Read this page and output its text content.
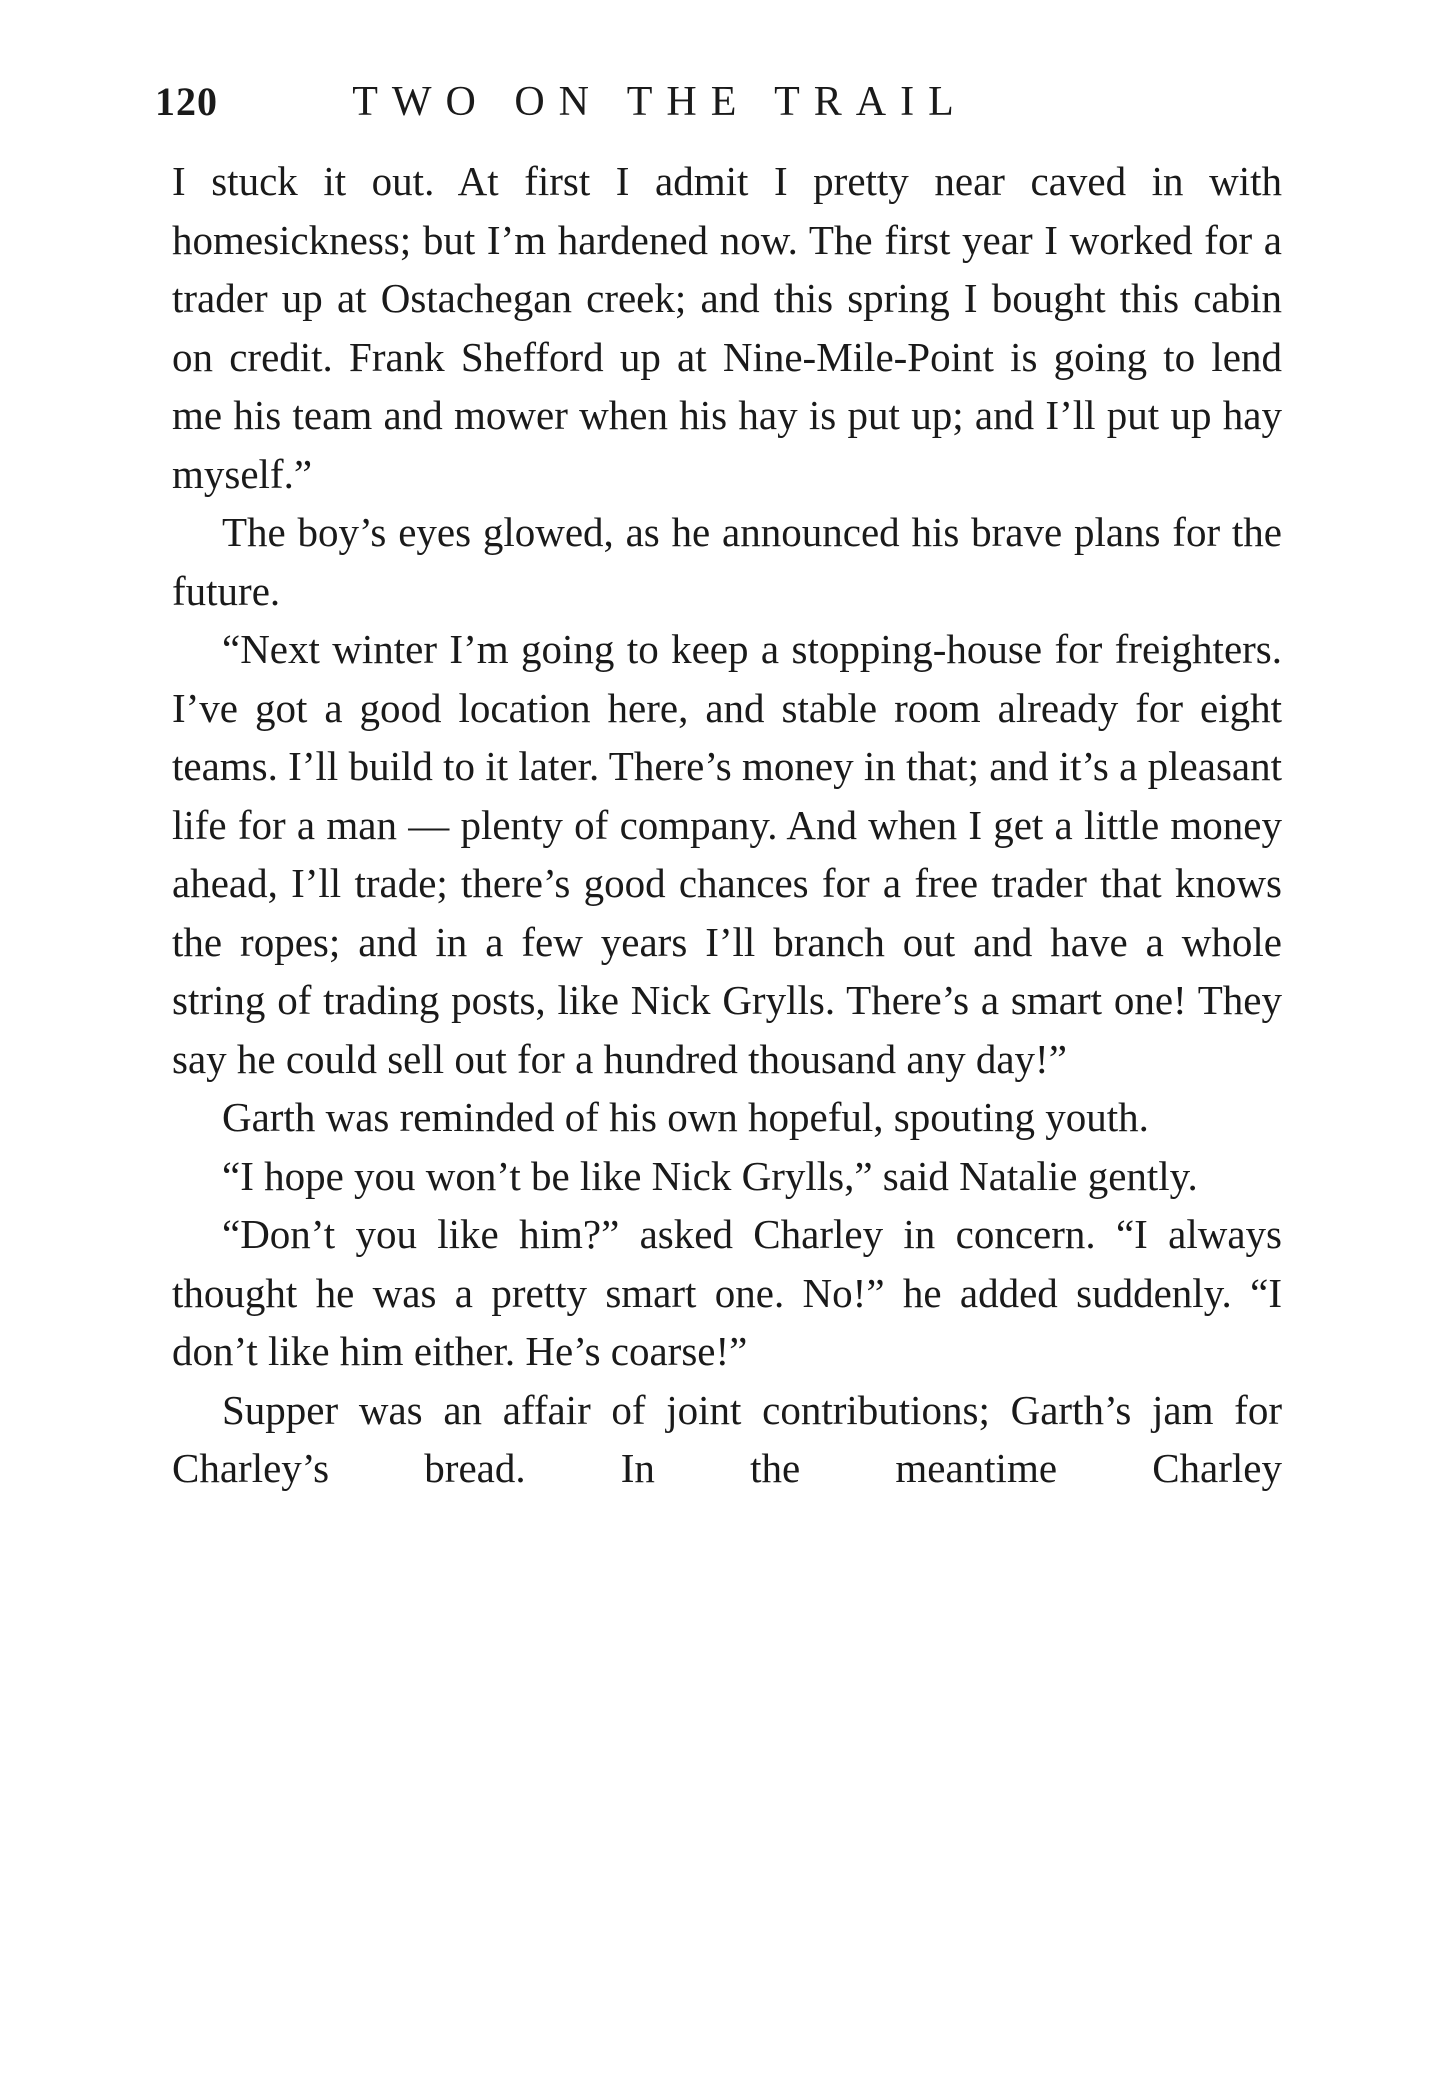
120	TWO ON THE TRAIL

I stuck it out. At first I admit I pretty near caved in with homesickness; but I’m hardened now. The first year I worked for a trader up at Ostachegan creek; and this spring I bought this cabin on credit. Frank Shefford up at Nine-Mile-Point is going to lend me his team and mower when his hay is put up; and I’ll put up hay myself.”

The boy’s eyes glowed, as he announced his brave plans for the future.

“Next winter I’m going to keep a stopping-house for freighters. I’ve got a good location here, and stable room already for eight teams. I’ll build to it later. There’s money in that; and it’s a pleasant life for a man — plenty of company. And when I get a little money ahead, I’ll trade; there’s good chances for a free trader that knows the ropes; and in a few years I’ll branch out and have a whole string of trading posts, like Nick Grylls. There’s a smart one! They say he could sell out for a hundred thousand any day!”

Garth was reminded of his own hopeful, spouting youth.

“I hope you won’t be like Nick Grylls,” said Natalie gently.

“Don’t you like him?” asked Charley in concern. “I always thought he was a pretty smart one. No!” he added suddenly. “I don’t like him either. He’s coarse!”

Supper was an affair of joint contributions; Garth’s jam for Charley’s bread. In the meantime Charley
